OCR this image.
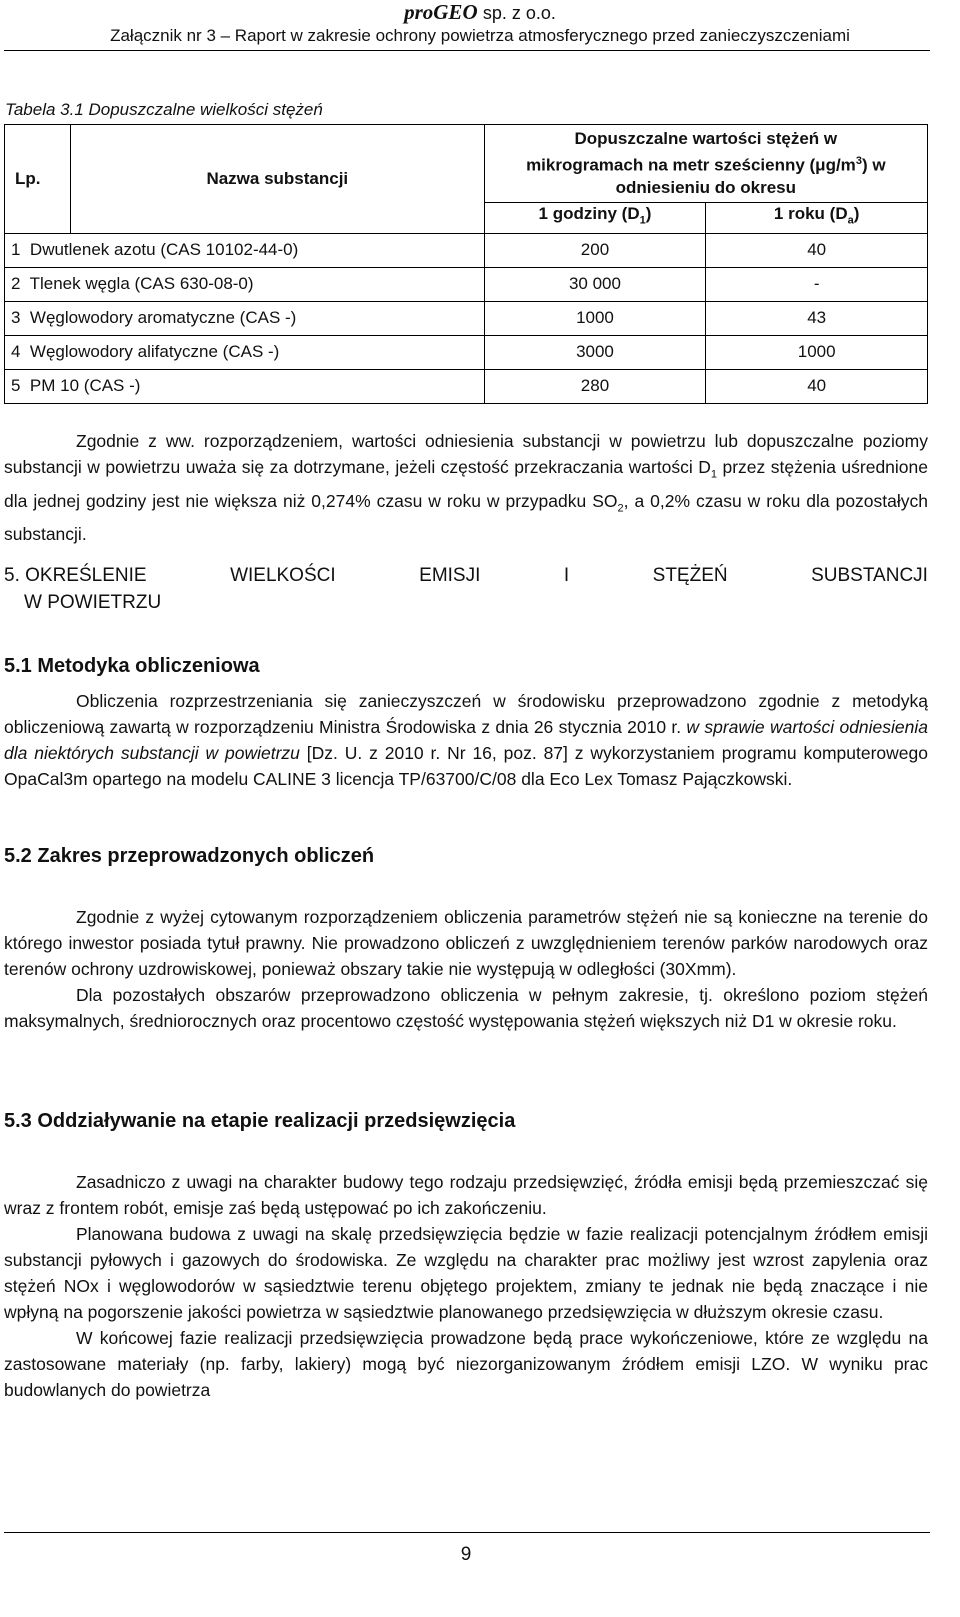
proGEO sp. z o.o.
Załącznik nr 3 – Raport w zakresie ochrony powietrza atmosferycznego przed zanieczyszczeniami
Tabela 3.1 Dopuszczalne wielkości stężeń
Lp.	Nazwa substancji	Dopuszczalne wartości stężeń w
mikrogramach na metr sześcienny $(\mu g/m^3)$ w
odniesieniu do okresu	
		1 godziny $(D_1)$	1 roku $(D_a)$
1 Dwutlenek azotu (CAS 10102-44-0)		200	40
2 Tlenek węgla (CAS 630-08-0)		30 000	-
3 Węglowodory aromatyczne (CAS -)		1000	43
4 Węglowodory alifatyczne (CAS -)		3000	1000
5 PM 10 (CAS -)		280	40

Zgodnie z ww. rozporządzeniem, wartości odniesienia substancji w powietrzu lub dopuszczalne poziomy substancji w powietrzu uważa się za dotrzymane, jeżeli częstość przekraczania wartości $D_1$ przez stężenia uśrednione dla jednej godziny jest nie większa niż 0,274% czasu w roku w przypadku $SO_2$, a 0,2% czasu w roku dla pozostałych substancji.

5. OKREŚLENIE	WIELKOŚCI	EMISJI	I	STĘŻEŃ	SUBSTANCJI
W POWIETRZU
5.1 Metodyka obliczeniowa

Obliczenia rozprzestrzeniania się zanieczyszczeń w środowisku przeprowadzono zgodnie z metodyką obliczeniową zawartą w rozporządzeniu Ministra Środowiska z dnia 26 stycznia 2010 r. w sprawie wartości odniesienia dla niektórych substancji w powietrzu [Dz. U. z 2010 r. Nr 16, poz. 87] z wykorzystaniem programu komputerowego OpaCal3m opartego na modelu CALINE 3 licencja TP/63700/C/08 dla Eco Lex Tomasz Pajączkowski.

5.2 Zakres przeprowadzonych obliczeń

Zgodnie z wyżej cytowanym rozporządzeniem obliczenia parametrów stężeń nie są konieczne na terenie do którego inwestor posiada tytuł prawny. Nie prowadzono obliczeń z uwzględnieniem terenów parków narodowych oraz terenów ochrony uzdrowiskowej, ponieważ obszary takie nie występują w odległości (30Xmm).

Dla pozostałych obszarów przeprowadzono obliczenia w pełnym zakresie, tj. określono poziom stężeń maksymalnych, średniorocznych oraz procentowo częstość występowania stężeń większych niż D1 w okresie roku.

5.3 Oddziaływanie na etapie realizacji przedsięwzięcia

Zasadniczo z uwagi na charakter budowy tego rodzaju przedsięwzięć, źródła emisji będą przemieszczać się wraz z frontem robót, emisje zaś będą ustępować po ich zakończeniu.

Planowana budowa z uwagi na skalę przedsięwzięcia będzie w fazie realizacji potencjalnym źródłem emisji substancji pyłowych i gazowych do środowiska. Ze względu na charakter prac możliwy jest wzrost zapylenia oraz stężeń NOx i węglowodorów w sąsiedztwie terenu objętego projektem, zmiany te jednak nie będą znaczące i nie wpłyną na pogorszenie jakości powietrza w sąsiedztwie planowanego przedsięwzięcia w dłuższym okresie czasu.

W końcowej fazie realizacji przedsięwzięcia prowadzone będą prace wykończeniowe, które ze względu na zastosowane materiały (np. farby, lakiery) mogą być niezorganizowanym źródłem emisji LZO. W wyniku prac budowlanych do powietrza

9
